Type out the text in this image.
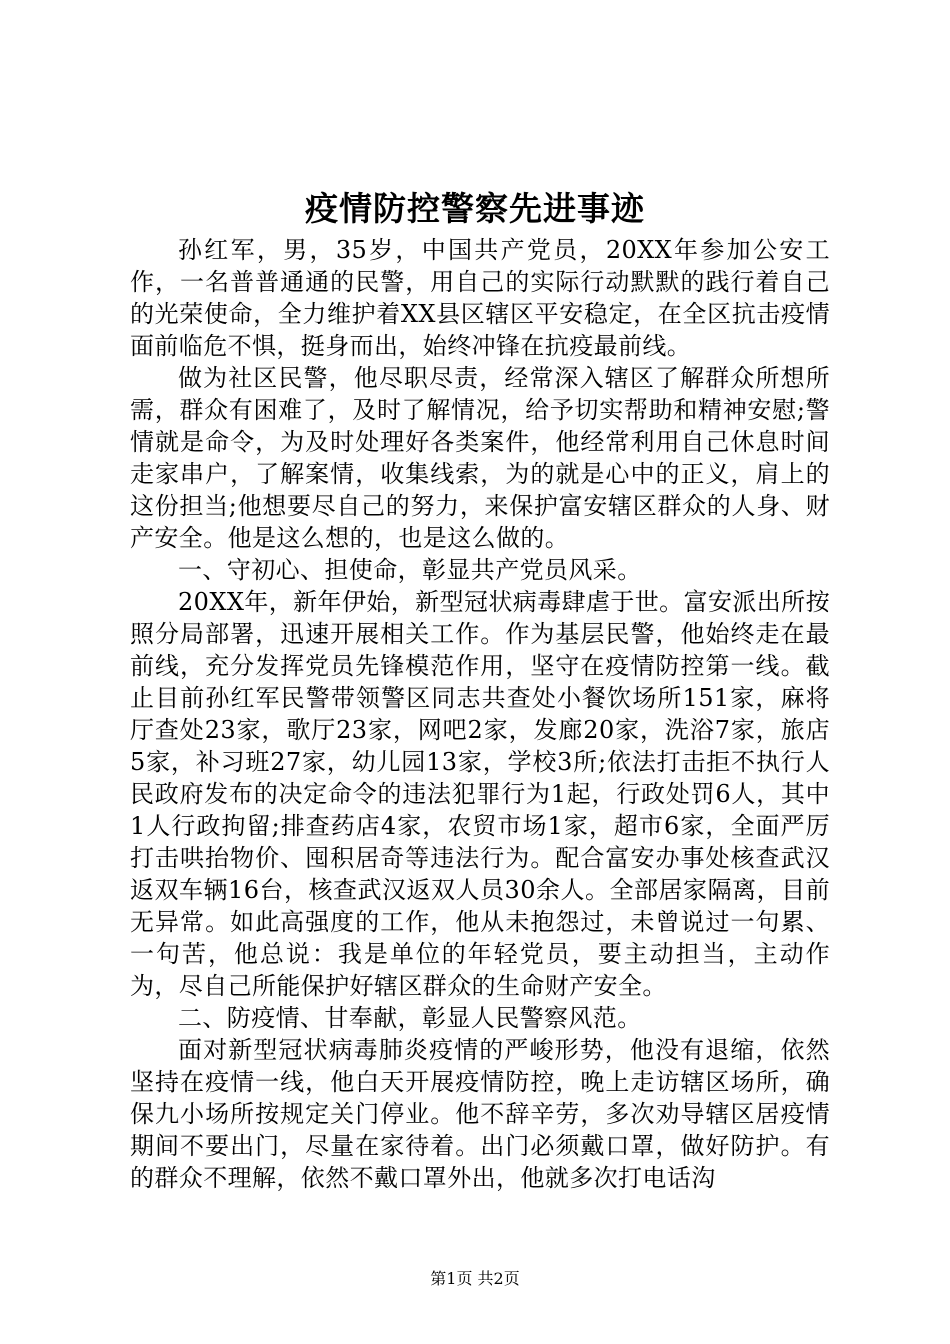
疫情防控警察先进事迹

孙红军，男，35岁，中国共产党员，20XX年参加公安工作，一名普普通通的民警，用自己的实际行动默默的践行着自己的光荣使命，全力维护着XX县区辖区平安稳定，在全区抗击疫情面前临危不惧，挺身而出，始终冲锋在抗疫最前线。

做为社区民警，他尽职尽责，经常深入辖区了解群众所想所需，群众有困难了，及时了解情况，给予切实帮助和精神安慰;警情就是命令，为及时处理好各类案件，他经常利用自己休息时间走家串户，了解案情，收集线索，为的就是心中的正义，肩上的这份担当;他想要尽自己的努力，来保护富安辖区群众的人身、财产安全。他是这么想的，也是这么做的。

一、守初心、担使命，彰显共产党员风采。

20XX年，新年伊始，新型冠状病毒肆虐于世。富安派出所按照分局部署，迅速开展相关工作。作为基层民警，他始终走在最前线，充分发挥党员先锋模范作用，坚守在疫情防控第一线。截止目前孙红军民警带领警区同志共查处小餐饮场所151家，麻将厅查处23家，歌厅23家，网吧2家，发廊20家，洗浴7家，旅店5家，补习班27家，幼儿园13家，学校3所;依法打击拒不执行人民政府发布的决定命令的违法犯罪行为1起，行政处罚6人，其中1人行政拘留;排查药店4家，农贸市场1家，超市6家，全面严厉打击哄抬物价、囤积居奇等违法行为。配合富安办事处核查武汉返双车辆16台，核查武汉返双人员30余人。全部居家隔离，目前无异常。如此高强度的工作，他从未抱怨过，未曾说过一句累、一句苦，他总说：我是单位的年轻党员，要主动担当，主动作为，尽自己所能保护好辖区群众的生命财产安全。

二、防疫情、甘奉献，彰显人民警察风范。

面对新型冠状病毒肺炎疫情的严峻形势，他没有退缩，依然坚持在疫情一线，他白天开展疫情防控，晚上走访辖区场所，确保九小场所按规定关门停业。他不辞辛劳，多次劝导辖区居疫情期间不要出门，尽量在家待着。出门必须戴口罩，做好防护。有的群众不理解，依然不戴口罩外出，他就多次打电话沟

第1页 共2页
